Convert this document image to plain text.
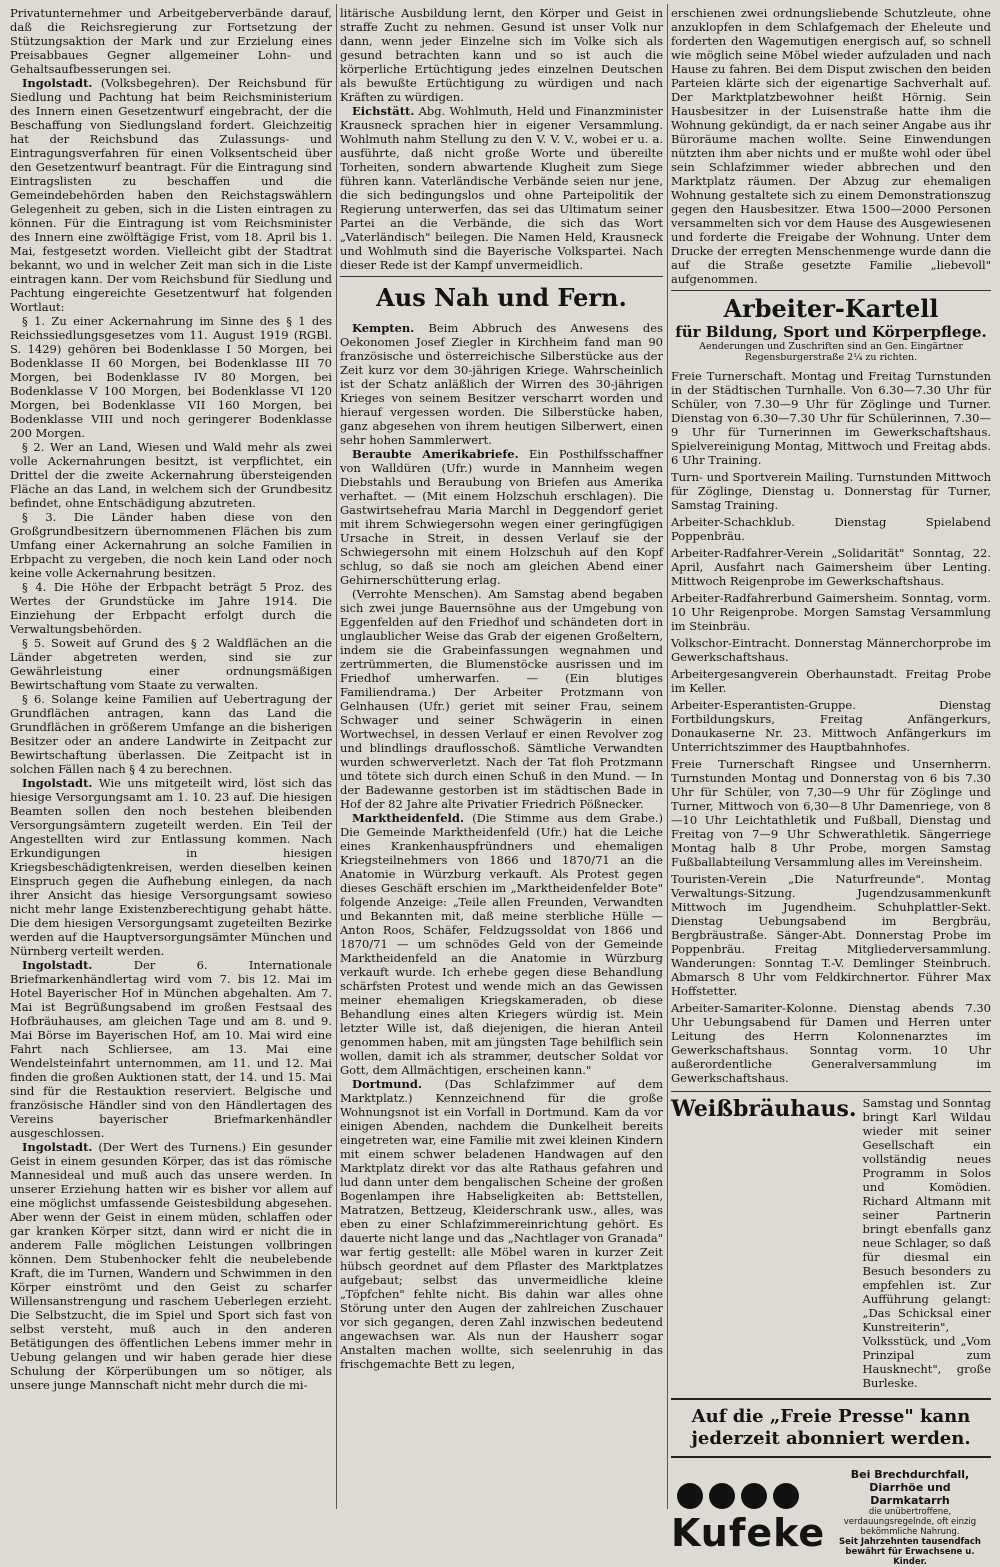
Privatunternehmer und Arbeitgeberverbände darauf, daß die Reichsregierung zur Fortsetzung der Stützungsaktion der Mark und zur Erzielung eines Preisabbaues Gegner allgemeiner Lohn- und Gehaltsaufbesserungen sei.

Ingolstadt. (Volksbegehren). Der Reichsbund für Siedlung und Pachtung hat beim Reichsministerium des Innern einen Gesetzentwurf eingebracht, der die Beschaffung von Siedlungsland fordert. Gleichzeitig hat der Reichsbund das Zulassungs- und Eintragungsverfahren für einen Volksentscheid über den Gesetzentwurf beantragt. Für die Eintragung sind Eintragslisten zu beschaffen und die Gemeindebehörden haben den Reichstagswählern Gelegenheit zu geben, sich in die Listen eintragen zu können. Für die Eintragung ist vom Reichsminister des Innern eine zwölftägige Frist, vom 18. April bis 1. Mai, festgesetzt worden. Vielleicht gibt der Stadtrat bekannt, wo und in welcher Zeit man sich in die Liste eintragen kann. Der vom Reichsbund für Siedlung und Pachtung eingereichte Gesetzentwurf hat folgenden Wortlaut:

§ 1. Zu einer Ackernahrung im Sinne des § 1 des Reichssiedlungsgesetzes vom 11. August 1919 (RGBl. S. 1429) gehören bei Bodenklasse I 50 Morgen, bei Bodenklasse II 60 Morgen, bei Bodenklasse III 70 Morgen, bei Bodenklasse IV 80 Morgen, bei Bodenklasse V 100 Morgen, bei Bodenklasse VI 120 Morgen, bei Bodenklasse VII 160 Morgen, bei Bodenklasse VIII und noch geringerer Bodenklasse 200 Morgen.

§ 2. Wer an Land, Wiesen und Wald mehr als zwei volle Ackernahrungen besitzt, ist verpflichtet, ein Drittel der die zweite Ackernahrung übersteigenden Fläche an das Land, in welchem sich der Grundbesitz befindet, ohne Entschädigung abzutreten.

§ 3. Die Länder haben diese von den Großgrundbesitzern übernommenen Flächen bis zum Umfang einer Ackernahrung an solche Familien in Erbpacht zu vergeben, die noch kein Land oder noch keine volle Ackernahrung besitzen.

§ 4. Die Höhe der Erbpacht beträgt 5 Proz. des Wertes der Grundstücke im Jahre 1914. Die Einziehung der Erbpacht erfolgt durch die Verwaltungsbehörden.

§ 5. Soweit auf Grund des § 2 Waldflächen an die Länder abgetreten werden, sind sie zur Gewährleistung einer ordnungsmäßigen Bewirtschaftung vom Staate zu verwalten.

§ 6. Solange keine Familien auf Uebertragung der Grundflächen antragen, kann das Land die Grundflächen in größerem Umfange an die bisherigen Besitzer oder an andere Landwirte in Zeitpacht zur Bewirtschaftung überlassen. Die Zeitpacht ist in solchen Fällen nach § 4 zu berechnen.

Ingolstadt. Wie uns mitgeteilt wird, löst sich das hiesige Versorgungsamt am 1. 10. 23 auf. Die hiesigen Beamten sollen den noch bestehen bleibenden Versorgungsämtern zugeteilt werden. Ein Teil der Angestellten wird zur Entlassung kommen. Nach Erkundigungen in hiesigen Kriegsbeschädigtenkreisen, werden dieselben keinen Einspruch gegen die Aufhebung einlegen, da nach ihrer Ansicht das hiesige Versorgungsamt sowieso nicht mehr lange Existenzberechtigung gehabt hätte. Die dem hiesigen Versorgungsamt zugeteilten Bezirke werden auf die Hauptversorgungsämter München und Nürnberg verteilt werden.

Ingolstadt. Der 6. Internationale Briefmarkenhändlertag wird vom 7. bis 12. Mai im Hotel Bayerischer Hof in München abgehalten. Am 7. Mai ist Begrüßungsabend im großen Festsaal des Hofbräuhauses, am gleichen Tage und am 8. und 9. Mai Börse im Bayerischen Hof, am 10. Mai wird eine Fahrt nach Schliersee, am 13. Mai eine Wendelsteinfahrt unternommen, am 11. und 12. Mai finden die großen Auktionen statt, der 14. und 15. Mai sind für die Restauktion reserviert. Belgische und französische Händler sind von den Händlertagen des Vereins bayerischer Briefmarkenhändler ausgeschlossen.

Ingolstadt. (Der Wert des Turnens.) Ein gesunder Geist in einem gesunden Körper, das ist das römische Mannesideal und muß auch das unsere werden. In unserer Erziehung hatten wir es bisher vor allem auf eine möglichst umfassende Geistesbildung abgesehen. Aber wenn der Geist in einem müden, schlaffen oder gar kranken Körper sitzt, dann wird er nicht die in anderem Falle möglichen Leistungen vollbringen können. Dem Stubenhocker fehlt die neubelebende Kraft, die im Turnen, Wandern und Schwimmen in den Körper einströmt und den Geist zu scharfer Willensanstrengung und raschem Ueberlegen erzieht. Die Selbstzucht, die im Spiel und Sport sich fast von selbst versteht, muß auch in den anderen Betätigungen des öffentlichen Lebens immer mehr in Uebung gelangen und wir haben gerade hier diese Schulung der Körperübungen um so nötiger, als unsere junge Mannschaft nicht mehr durch die mi-

litärische Ausbildung lernt, den Körper und Geist in straffe Zucht zu nehmen. Gesund ist unser Volk nur dann, wenn jeder Einzelne sich im Volke sich als gesund betrachten kann und so ist auch die körperliche Ertüchtigung jedes einzelnen Deutschen als bewußte Ertüchtigung zu würdigen und nach Kräften zu würdigen.

Eichstätt. Abg. Wohlmuth, Held und Finanzminister Krausneck sprachen hier in eigener Versammlung. Wohlmuth nahm Stellung zu den V. V. V., wobei er u. a. ausführte, daß nicht große Worte und übereilte Torheiten, sondern abwartende Klugheit zum Siege führen kann. Vaterländische Verbände seien nur jene, die sich bedingungslos und ohne Parteipolitik der Regierung unterwerfen, das sei das Ultimatum seiner Partei an die Verbände, die sich das Wort „Vaterländisch" beilegen. Die Namen Held, Krausneck und Wohlmuth sind die Bayerische Volkspartei. Nach dieser Rede ist der Kampf unvermeidlich.

Aus Nah und Fern.

Kempten. Beim Abbruch des Anwesens des Oekonomen Josef Ziegler in Kirchheim fand man 90 französische und österreichische Silberstücke aus der Zeit kurz vor dem 30-jährigen Kriege. Wahrscheinlich ist der Schatz anläßlich der Wirren des 30-jährigen Krieges von seinem Besitzer verscharrt worden und hierauf vergessen worden. Die Silberstücke haben, ganz abgesehen von ihrem heutigen Silberwert, einen sehr hohen Sammlerwert.

Beraubte Amerikabriefe. Ein Posthilfsschaffner von Walldüren (Ufr.) wurde in Mannheim wegen Diebstahls und Beraubung von Briefen aus Amerika verhaftet. — (Mit einem Holzschuh erschlagen). Die Gastwirtsehefrau Maria Marchl in Deggendorf geriet mit ihrem Schwiegersohn wegen einer geringfügigen Ursache in Streit, in dessen Verlauf sie der Schwiegersohn mit einem Holzschuh auf den Kopf schlug, so daß sie noch am gleichen Abend einer Gehirnerschütterung erlag.

(Verrohte Menschen). Am Samstag abend begaben sich zwei junge Bauernsöhne aus der Umgebung von Eggenfelden auf den Friedhof und schändeten dort in unglaublicher Weise das Grab der eigenen Großeltern, indem sie die Grabeinfassungen wegnahmen und zertrümmerten, die Blumenstöcke ausrissen und im Friedhof umherwarfen. — (Ein blutiges Familiendrama.) Der Arbeiter Protzmann von Gelnhausen (Ufr.) geriet mit seiner Frau, seinem Schwager und seiner Schwägerin in einen Wortwechsel, in dessen Verlauf er einen Revolver zog und blindlings drauflosschoß. Sämtliche Verwandten wurden schwerverletzt. Nach der Tat floh Protzmann und tötete sich durch einen Schuß in den Mund. — In der Badewanne gestorben ist im städtischen Bade in Hof der 82 Jahre alte Privatier Friedrich Pößnecker.

Marktheidenfeld. (Die Stimme aus dem Grabe.) Die Gemeinde Marktheidenfeld (Ufr.) hat die Leiche eines Krankenhauspfründners und ehemaligen Kriegsteilnehmers von 1866 und 1870/71 an die Anatomie in Würzburg verkauft. Als Protest gegen dieses Geschäft erschien im „Marktheidenfelder Bote" folgende Anzeige: „Teile allen Freunden, Verwandten und Bekannten mit, daß meine sterbliche Hülle — Anton Roos, Schäfer, Feldzugssoldat von 1866 und 1870/71 — um schnödes Geld von der Gemeinde Marktheidenfeld an die Anatomie in Würzburg verkauft wurde. Ich erhebe gegen diese Behandlung schärfsten Protest und wende mich an das Gewissen meiner ehemaligen Kriegskameraden, ob diese Behandlung eines alten Kriegers würdig ist. Mein letzter Wille ist, daß diejenigen, die hieran Anteil genommen haben, mit am jüngsten Tage behilflich sein wollen, damit ich als strammer, deutscher Soldat vor Gott, dem Allmächtigen, erscheinen kann."

Dortmund. (Das Schlafzimmer auf dem Marktplatz.) Kennzeichnend für die große Wohnungsnot ist ein Vorfall in Dortmund. Kam da vor einigen Abenden, nachdem die Dunkelheit bereits eingetreten war, eine Familie mit zwei kleinen Kindern mit einem schwer beladenen Handwagen auf den Marktplatz direkt vor das alte Rathaus gefahren und lud dann unter dem bengalischen Scheine der großen Bogenlampen ihre Habseligkeiten ab: Bettstellen, Matratzen, Bettzeug, Kleiderschrank usw., alles, was eben zu einer Schlafzimmereinrichtung gehört. Es dauerte nicht lange und das „Nachtlager von Granada" war fertig gestellt: alle Möbel waren in kurzer Zeit hübsch geordnet auf dem Pflaster des Marktplatzes aufgebaut; selbst das unvermeidliche kleine „Töpfchen" fehlte nicht. Bis dahin war alles ohne Störung unter den Augen der zahlreichen Zuschauer vor sich gegangen, deren Zahl inzwischen bedeutend angewachsen war. Als nun der Hausherr sogar Anstalten machen wollte, sich seelenruhig in das frischgemachte Bett zu legen,

erschienen zwei ordnungsliebende Schutzleute, ohne anzuklopfen in dem Schlafgemach der Eheleute und forderten den Wagemutigen energisch auf, so schnell wie möglich seine Möbel wieder aufzuladen und nach Hause zu fahren. Bei dem Disput zwischen den beiden Parteien klärte sich der eigenartige Sachverhalt auf. Der Marktplatzbewohner heißt Hörnig. Sein Hausbesitzer in der Luisenstraße hatte ihm die Wohnung gekündigt, da er nach seiner Angabe aus ihr Büroräume machen wollte. Seine Einwendungen nützten ihm aber nichts und er mußte wohl oder übel sein Schlafzimmer wieder abbrechen und den Marktplatz räumen. Der Abzug zur ehemaligen Wohnung gestaltete sich zu einem Demonstrationszug gegen den Hausbesitzer. Etwa 1500—2000 Personen versammelten sich vor dem Hause des Ausgewiesenen und forderte die Freigabe der Wohnung. Unter dem Drucke der erregten Menschenmenge wurde dann die auf die Straße gesetzte Familie „liebevoll" aufgenommen.

Arbeiter-Kartell
für Bildung, Sport und Körperpflege.
Aenderungen und Zuschriften sind an Gen. Eingärtner Regensburgerstraße 2¼ zu richten.

Freie Turnerschaft. Montag und Freitag Turnstunden in der Städtischen Turnhalle. Von 6.30—7.30 Uhr für Schüler, von 7.30—9 Uhr für Zöglinge und Turner. Dienstag von 6.30—7.30 Uhr für Schülerinnen, 7.30—9 Uhr für Turnerinnen im Gewerkschaftshaus. Spielvereinigung Montag, Mittwoch und Freitag abds. 6 Uhr Training.

Turn- und Sportverein Mailing. Turnstunden Mittwoch für Zöglinge, Dienstag u. Donnerstag für Turner, Samstag Training.

Arbeiter-Schachklub. Dienstag Spielabend Poppenbräu.

Arbeiter-Radfahrer-Verein „Solidarität" Sonntag, 22. April, Ausfahrt nach Gaimersheim über Lenting. Mittwoch Reigenprobe im Gewerkschaftshaus.

Arbeiter-Radfahrerbund Gaimersheim. Sonntag, vorm. 10 Uhr Reigenprobe. Morgen Samstag Versammlung im Steinbräu.

Volkschor-Eintracht. Donnerstag Männerchorprobe im Gewerkschaftshaus.

Arbeitergesangverein Oberhaunstadt. Freitag Probe im Keller.

Arbeiter-Esperantisten-Gruppe. Dienstag Fortbildungskurs, Freitag Anfängerkurs, Donaukaserne Nr. 23. Mittwoch Anfängerkurs im Unterrichtszimmer des Hauptbahnhofes.

Freie Turnerschaft Ringsee und Unsernherrn. Turnstunden Montag und Donnerstag von 6 bis 7.30 Uhr für Schüler, von 7,30—9 Uhr für Zöglinge und Turner, Mittwoch von 6,30—8 Uhr Damenriege, von 8—10 Uhr Leichtathletik und Fußball, Dienstag und Freitag von 7—9 Uhr Schwerathletik. Sängerriege Montag halb 8 Uhr Probe, morgen Samstag Fußballabteilung Versammlung alles im Vereinsheim.

Touristen-Verein „Die Naturfreunde". Montag Verwaltungs-Sitzung. Jugendzusammenkunft Mittwoch im Jugendheim. Schuhplattler-Sekt. Dienstag Uebungsabend im Bergbräu, Bergbräustraße. Sänger-Abt. Donnerstag Probe im Poppenbräu. Freitag Mitgliederversammlung. Wanderungen: Sonntag T.-V. Demlinger Steinbruch. Abmarsch 8 Uhr vom Feldkirchnertor. Führer Max Hoffstetter.

Arbeiter-Samariter-Kolonne. Dienstag abends 7.30 Uhr Uebungsabend für Damen und Herren unter Leitung des Herrn Kolonnenarztes im Gewerkschaftshaus. Sonntag vorm. 10 Uhr außerordentliche Generalversammlung im Gewerkschaftshaus.

Weißbräuhaus. Samstag und Sonntag bringt Karl Wildau wieder mit seiner Gesellschaft ein vollständig neues Programm in Solos und Komödien. Richard Altmann mit seiner Partnerin bringt ebenfalls ganz neue Schlager, so daß für diesmal ein Besuch besonders zu empfehlen ist. Zur Aufführung gelangt: „Das Schicksal einer Kunstreiterin", Volksstück, und „Vom Prinzipal zum Hausknecht", große Burleske.

Auf die „Freie Presse" kann jederzeit abonniert werden.
Kufeke
Bei Brechdurchfall, Diarrhöe und Darmkatarrh
die unübertroffene, verdauungsregelnde, oft einzig bekömmliche Nahrung.
Seit Jahrzehnten tausendfach bewährt für Erwachsene u. Kinder.
